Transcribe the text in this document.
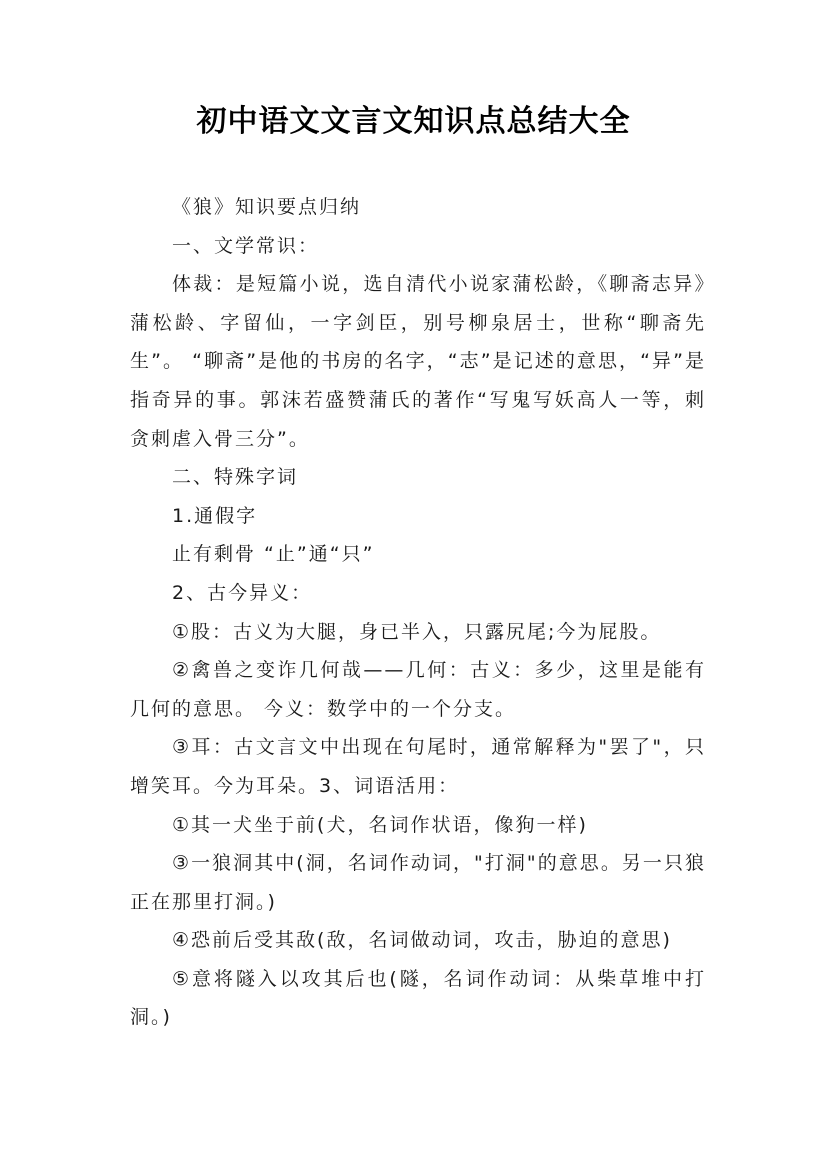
初中语文文言文知识点总结大全

《狼》知识要点归纳

一、文学常识：

体裁：是短篇小说，选自清代小说家蒲松龄，《聊斋志异》蒲松龄、字留仙，一字剑臣，别号柳泉居士，世称“聊斋先生”。 “聊斋”是他的书房的名字，“志”是记述的意思，“异”是指奇异的事。郭沫若盛赞蒲氏的著作“写鬼写妖高人一等，刺贪刺虐入骨三分”。

二、特殊字词

1.通假字

止有剩骨 “止”通“只”

2、古今异义：

①股：古义为大腿，身已半入，只露尻尾;今为屁股。

②禽兽之变诈几何哉——几何：古义：多少，这里是能有几何的意思。 今义：数学中的一个分支。

③耳：古文言文中出现在句尾时，通常解释为"罢了"，只增笑耳。今为耳朵。3、词语活用：

①其一犬坐于前(犬，名词作状语，像狗一样)

③一狼洞其中(洞，名词作动词，"打洞"的意思。另一只狼正在那里打洞。)

④恐前后受其敌(敌，名词做动词，攻击，胁迫的意思)

⑤意将隧入以攻其后也(隧，名词作动词：从柴草堆中打洞。)
